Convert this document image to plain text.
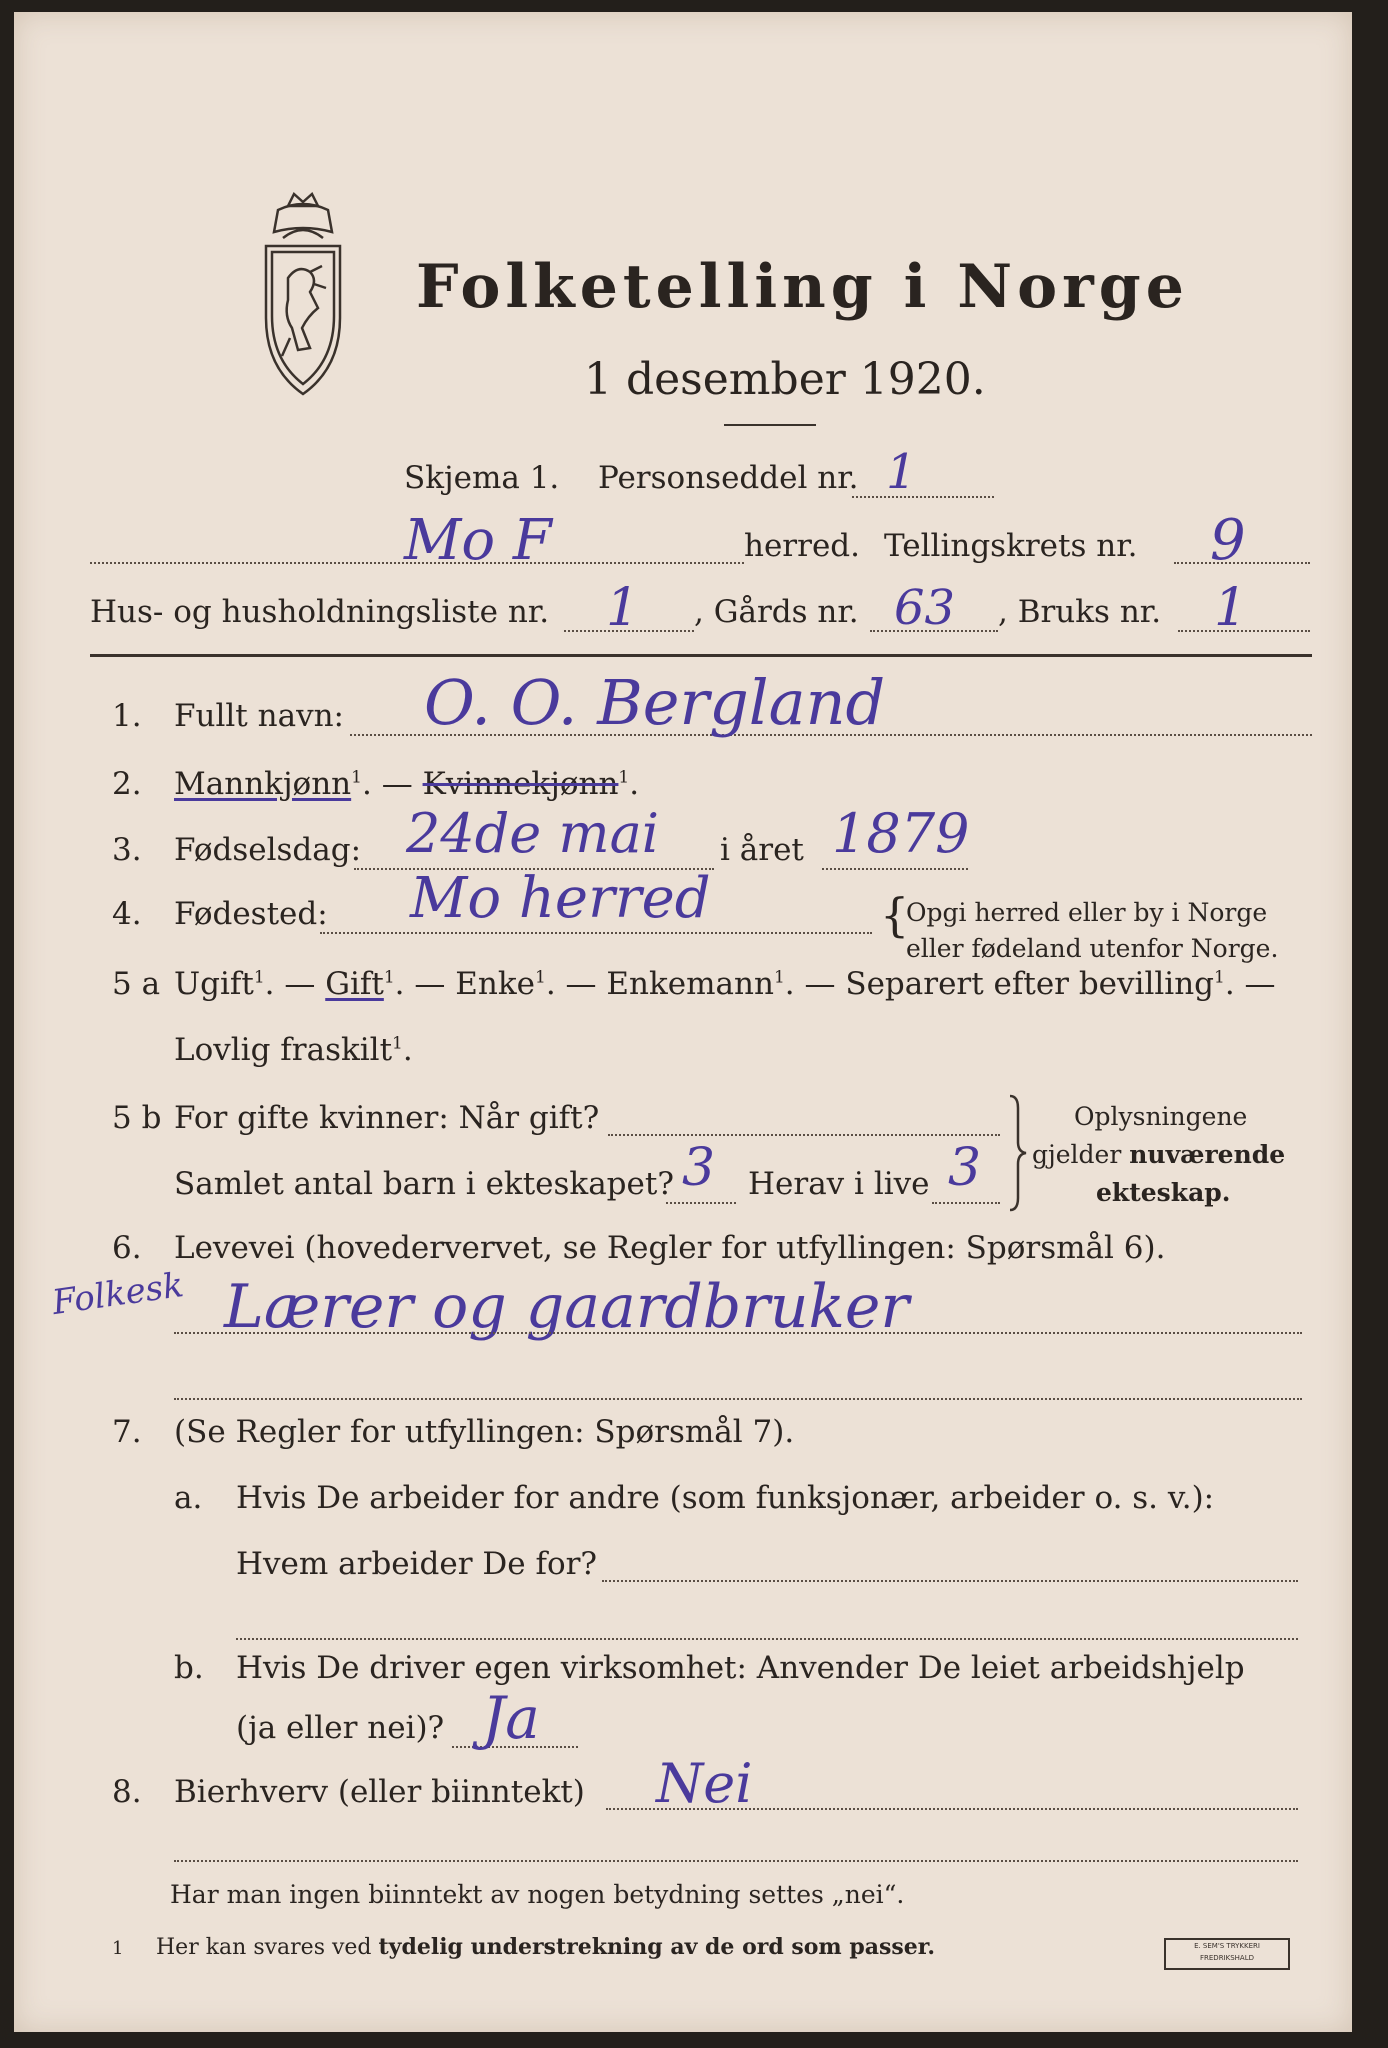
Folketelling i Norge
1 desember 1920.
Skjema 1. Personseddel nr. 1
Mo F	herred. Tellingskrets nr. 9
Hus- og husholdningsliste nr. 1 , Gårds nr. 63 , Bruks nr. 1
1. Fullt navn: O. O. Bergland
2. Mannkjønn$^1$. — Kvinnekjønn$^1$.
3. Fødselsdag: 24de mai i året 1879
4. Fødested: Mo herred	{
Opgi herred eller by i Norge
eller fødeland utenfor Norge.
5 a Ugift$^1$. — Gift$^1$. — Enke$^1$. — Enkemann$^1$. — Separert efter bevilling$^1$. —
Lovlig fraskilt$^1$.
5 b For gifte kvinner: Når gift?
Samlet antal barn i ekteskapet? 3 Herav i live 3
Oplysningene
gjelder nuværende
ekteskap.
6. Levevei (hovedervervet, se Regler for utfyllingen: Spørsmål 6).
Folkesk Lærer og gaardbruker
7. (Se Regler for utfyllingen: Spørsmål 7).
a. Hvis De arbeider for andre (som funksjonær, arbeider o. s. v.):
Hvem arbeider De for?
b. Hvis De driver egen virksomhet: Anvender De leiet arbeidshjelp
(ja eller nei)? Ja
8. Bierhverv (eller biinntekt) Nei
Har man ingen biinntekt av nogen betydning settes „nei“.
1 Her kan svares ved tydelig understrekning av de ord som passer.	E. SEM'S TRYKKERI FREDRIKSHALD
